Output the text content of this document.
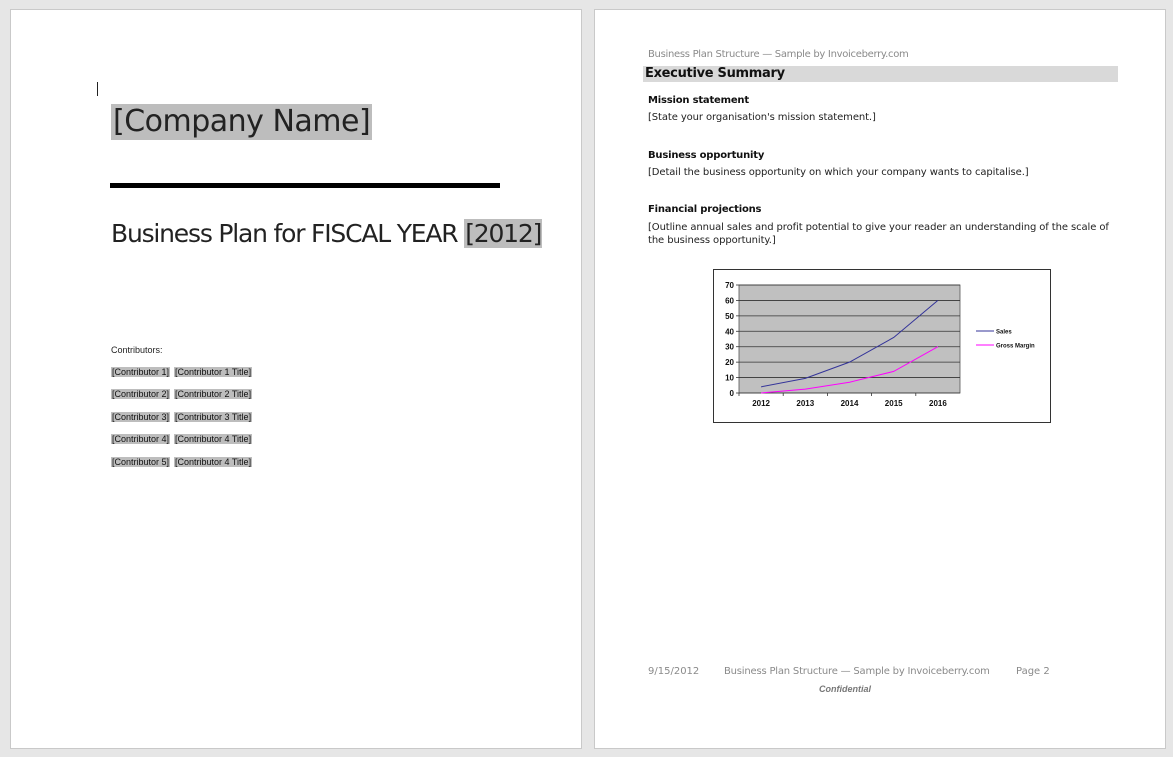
[Company Name]
Business Plan for FISCAL YEAR [2012]
Contributors:
[Contributor 1] [Contributor 1 Title]
[Contributor 2] [Contributor 2 Title]
[Contributor 3] [Contributor 3 Title]
[Contributor 4] [Contributor 4 Title]
[Contributor 5] [Contributor 4 Title]
Business Plan Structure — Sample by Invoiceberry.com
Executive Summary
Mission statement
[State your organisation's mission statement.]
Business opportunity
[Detail the business opportunity on which your company wants to capitalise.]
Financial projections
[Outline annual sales and profit potential to give your reader an understanding of the scale of the business opportunity.]
0
10
20
30
40
50
60
70
2012	2013	2014	2015	2016
Sales
Gross Margin
9/15/2012 Business Plan Structure — Sample by Invoiceberry.com	Page 2
Confidential
